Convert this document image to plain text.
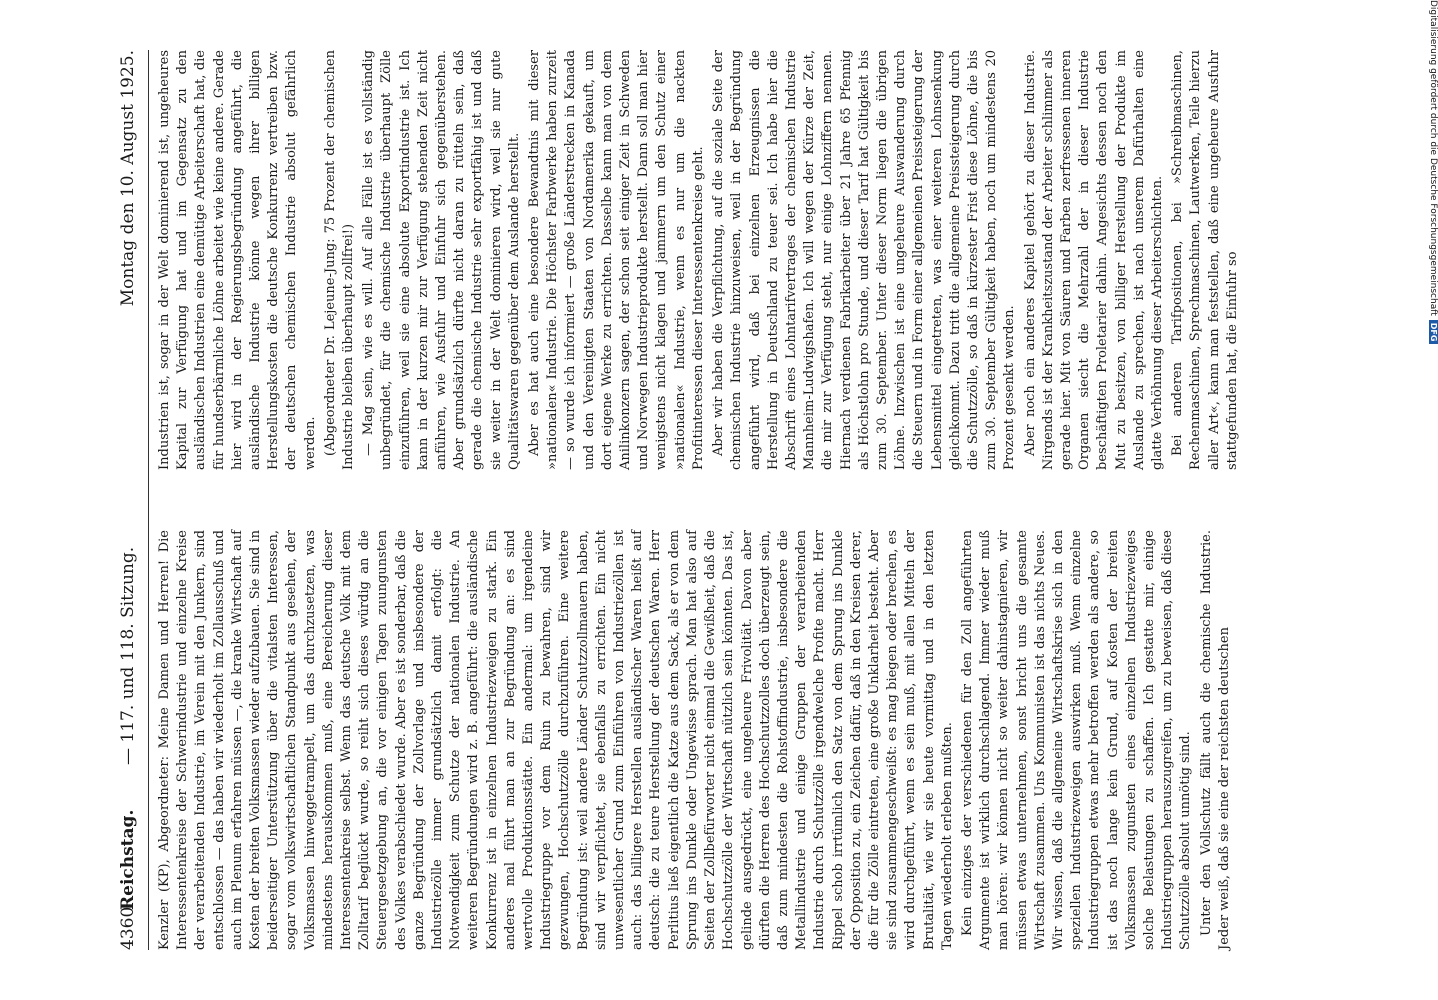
4360
Reichstag.
— 117. und 118. Sitzung.
Montag den 10. August 1925.

Kenzler (KP), Abgeordneter: Meine Damen und Herren! Die Interessentenkreise der Schwerindustrie und einzelne Kreise der verarbeitenden Industrie, im Verein mit den Junkern, sind entschlossen — das haben wir wiederholt im Zollausschuß und auch im Plenum erfahren müssen —, die kranke Wirtschaft auf Kosten der breiten Volksmassen wieder aufzubauen. Sie sind in beiderseitiger Unterstützung über die vitalsten Interessen, sogar vom volkswirtschaftlichen Standpunkt aus gesehen, der Volksmassen hinweggetrampelt, um das durchzusetzen, was mindestens herauskommen muß, eine Bereicherung dieser Interessentenkreise selbst. Wenn das deutsche Volk mit dem Zolltarif beglückt wurde, so reiht sich dieses würdig an die Steuergesetzgebung an, die vor einigen Tagen zuungunsten des Volkes verabschiedet wurde. Aber es ist sonderbar, daß die ganze Begründung der Zollvorlage und insbesondere der Industriezölle immer grundsätzlich damit erfolgt: die Notwendigkeit zum Schutze der nationalen Industrie. An weiteren Begründungen wird z. B. angeführt: die ausländische Konkurrenz ist in einzelnen Industriezweigen zu stark. Ein anderes mal führt man an zur Begründung an: es sind wertvolle Produktionsstätte. Ein andermal: um irgendeine Industriegruppe vor dem Ruin zu bewahren, sind wir gezwungen, Hochschutzzölle durchzuführen. Eine weitere Begründung ist: weil andere Länder Schutzzollmauern haben, sind wir verpflichtet, sie ebenfalls zu errichten. Ein nicht unwesentlicher Grund zum Einführen von Industriezöllen ist auch: das billigere Herstellen ausländischer Waren heißt auf deutsch: die zu teure Herstellung der deutschen Waren. Herr Perlitius ließ eigentlich die Katze aus dem Sack, als er von dem Sprung ins Dunkle oder Ungewisse sprach. Man hat also auf Seiten der Zollbefürworter nicht einmal die Gewißheit, daß die Hochschutzzölle der Wirtschaft nützlich sein könnten. Das ist, gelinde ausgedrückt, eine ungeheure Frivolität. Davon aber dürften die Herren des Hochschutzzolles doch überzeugt sein, daß zum mindesten die Rohstoffindustrie, insbesondere die Metallindustrie und einige Gruppen der verarbeitenden Industrie durch Schutzzölle irgendwelche Profite macht. Herr Rippel schob irrtümlich den Satz von dem Sprung ins Dunkle der Opposition zu, ein Zeichen dafür, daß in den Kreisen derer, die für die Zölle eintreten, eine große Unklarheit besteht. Aber sie sind zusammengeschweißt: es mag biegen oder brechen, es wird durchgeführt, wenn es sein muß, mit allen Mitteln der Brutalität, wie wir sie heute vormittag und in den letzten Tagen wiederholt erleben mußten. Kein einziges der verschiedenen für den Zoll angeführten Argumente ist wirklich durchschlagend. Immer wieder muß man hören: wir können nicht so weiter dahinstagnieren, wir müssen etwas unternehmen, sonst bricht uns die gesamte Wirtschaft zusammen. Uns Kommunisten ist das nichts Neues. Wir wissen, daß die allgemeine Wirtschaftskrise sich in den speziellen Industriezweigen auswirken muß. Wenn einzelne Industriegruppen etwas mehr betroffen werden als andere, so ist das noch lange kein Grund, auf Kosten der breiten Volksmassen zugunsten eines einzelnen Industriezweiges solche Belastungen zu schaffen. Ich gestatte mir, einige Industriegruppen herauszugreifen, um zu beweisen, daß diese Schutzzölle absolut unnötig sind. Unter den Vollschutz fällt auch die chemische Industrie. Jeder weiß, daß sie eine der reichsten deutschen

Industrien ist, sogar in der Welt dominierend ist, ungeheures Kapital zur Verfügung hat und im Gegensatz zu den ausländischen Industrien eine demütige Arbeiterschaft hat, die für hundserbärmliche Löhne arbeitet wie keine andere. Gerade hier wird in der Regierungsbegründung angeführt, die ausländische Industrie könne wegen ihrer billigen Herstellungskosten die deutsche Konkurrenz vertreiben bzw. der deutschen chemischen Industrie absolut gefährlich werden. (Abgeordneter Dr. Lejeune-Jung: 75 Prozent der chemischen Industrie bleiben überhaupt zollfrei!) — Mag sein, wie es will. Auf alle Fälle ist es vollständig unbegründet, für die chemische Industrie überhaupt Zölle einzuführen, weil sie eine absolute Exportindustrie ist. Ich kann in der kurzen mir zur Verfügung stehenden Zeit nicht anführen, wie Ausfuhr und Einfuhr sich gegenüberstehen. Aber grundsätzlich dürfte nicht daran zu rütteln sein, daß gerade die chemische Industrie sehr exportfähig ist und daß sie weiter in der Welt dominieren wird, weil sie nur gute Qualitätswaren gegenüber dem Auslande herstellt. Aber es hat auch eine besondere Bewandtnis mit dieser »nationalen« Industrie. Die Höchster Farbwerke haben zurzeit — so wurde ich informiert — große Länderstrecken in Kanada und den Vereinigten Staaten von Nordamerika gekauft, um dort eigene Werke zu errichten. Dasselbe kann man von dem Anilinkonzern sagen, der schon seit einiger Zeit in Schweden und Norwegen Industrieprodukte herstellt. Dann soll man hier wenigstens nicht klagen und jammern um den Schutz einer »nationalen« Industrie, wenn es nur um die nackten Profitinteressen dieser Interessentenkreise geht. Aber wir haben die Verpflichtung, auf die soziale Seite der chemischen Industrie hinzuweisen, weil in der Begründung angeführt wird, daß bei einzelnen Erzeugnissen die Herstellung in Deutschland zu teuer sei. Ich habe hier die Abschrift eines Lohntarifvertrages der chemischen Industrie Mannheim-Ludwigshafen. Ich will wegen der Kürze der Zeit, die mir zur Verfügung steht, nur einige Lohnziffern nennen. Hiernach verdienen Fabrikarbeiter über 21 Jahre 65 Pfennig als Höchstlohn pro Stunde, und dieser Tarif hat Gültigkeit bis zum 30. September. Unter dieser Norm liegen die übrigen Löhne. Inzwischen ist eine ungeheure Auswanderung durch die Steuern und in Form einer allgemeinen Preissteigerung der Lebensmittel eingetreten, was einer weiteren Lohnsenkung gleichkommt. Dazu tritt die allgemeine Preissteigerung durch die Schutzzölle, so daß in kürzester Frist diese Löhne, die bis zum 30. September Gültigkeit haben, noch um mindestens 20 Prozent gesenkt werden. Aber noch ein anderes Kapitel gehört zu dieser Industrie. Nirgends ist der Krankheitszustand der Arbeiter schlimmer als gerade hier. Mit von Säuren und Farben zerfressenen inneren Organen siecht die Mehrzahl der in dieser Industrie beschäftigten Proletarier dahin. Angesichts dessen noch den Mut zu besitzen, von billiger Herstellung der Produkte im Auslande zu sprechen, ist nach unserem Dafürhalten eine glatte Verhöhnung dieser Arbeiterschichten. Bei anderen Tarifpositionen, bei »Schreibmaschinen, Rechenmaschinen, Sprechmaschinen, Lautwerken, Teile hierzu aller Art«, kann man feststellen, daß eine ungeheure Ausfuhr stattgefunden hat, die Einfuhr so

Digitalisierung gefördert durch die Deutsche ForschungsgemeinschaftDFG
